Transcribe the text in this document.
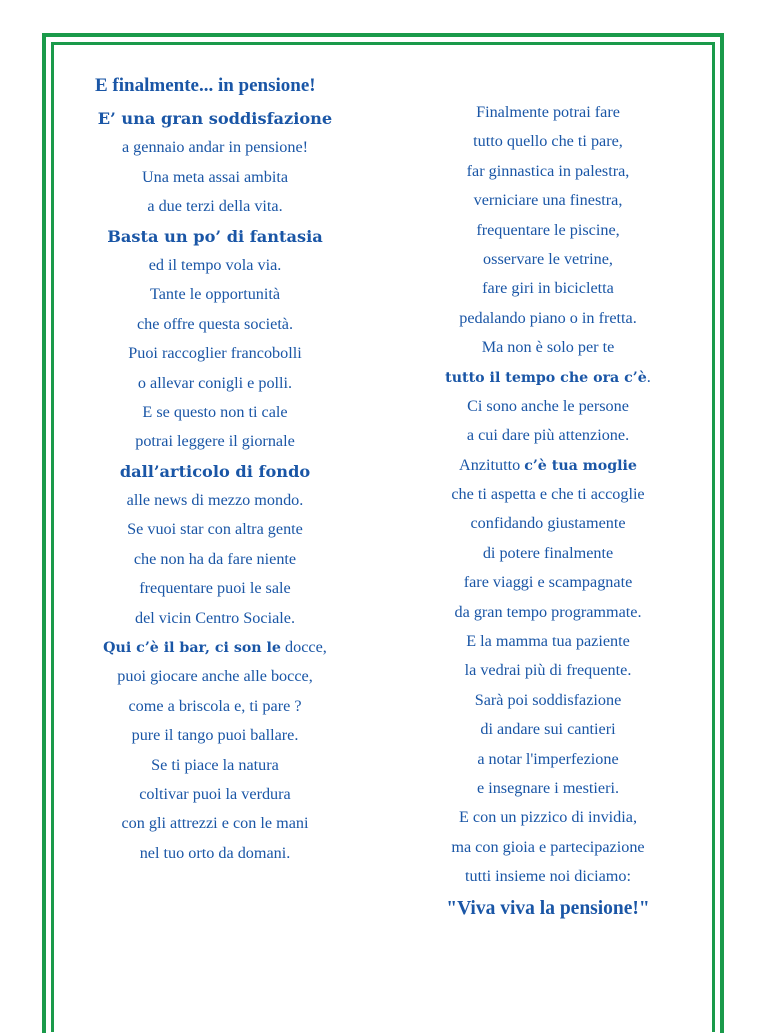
E finalmente... in pensione!
E’ una gran soddisfazione
a gennaio andar in pensione!
Una meta assai ambita
a due terzi della vita.
Basta un po’ di fantasia
ed il tempo vola via.
Tante le opportunità
che offre questa società.
Puoi raccoglier francobolli
o allevar conigli e polli.
E se questo non ti cale
potrai leggere il giornale
dall’articolo di fondo
alle news di mezzo mondo.
Se vuoi star con altra gente
che non ha da fare niente
frequentare puoi le sale
del vicin Centro Sociale.
Qui c’è il bar, ci son le docce,
puoi giocare anche alle bocce,
come a briscola e, ti pare ?
pure il tango puoi ballare.
Se ti piace la natura
coltivar puoi la verdura
con gli attrezzi e con le mani
nel tuo orto da domani.
Finalmente potrai fare
tutto quello che ti pare,
far ginnastica in palestra,
verniciare una finestra,
frequentare le piscine,
osservare le vetrine,
fare giri in bicicletta
pedalando piano o in fretta.
Ma non è solo per te
tutto il tempo che ora c’è.
Ci sono anche le persone
a cui dare più attenzione.
Anzitutto c’è tua moglie
che ti aspetta e che ti accoglie
confidando giustamente
di potere finalmente
fare viaggi e scampagnate
da gran tempo programmate.
E la mamma tua paziente
la vedrai più di frequente.
Sarà poi soddisfazione
di andare sui cantieri
a notar l'imperfezione
e insegnare i mestieri.
E con un pizzico di invidia,
ma con gioia e partecipazione
tutti insieme noi diciamo:

"Viva viva la pensione!"
